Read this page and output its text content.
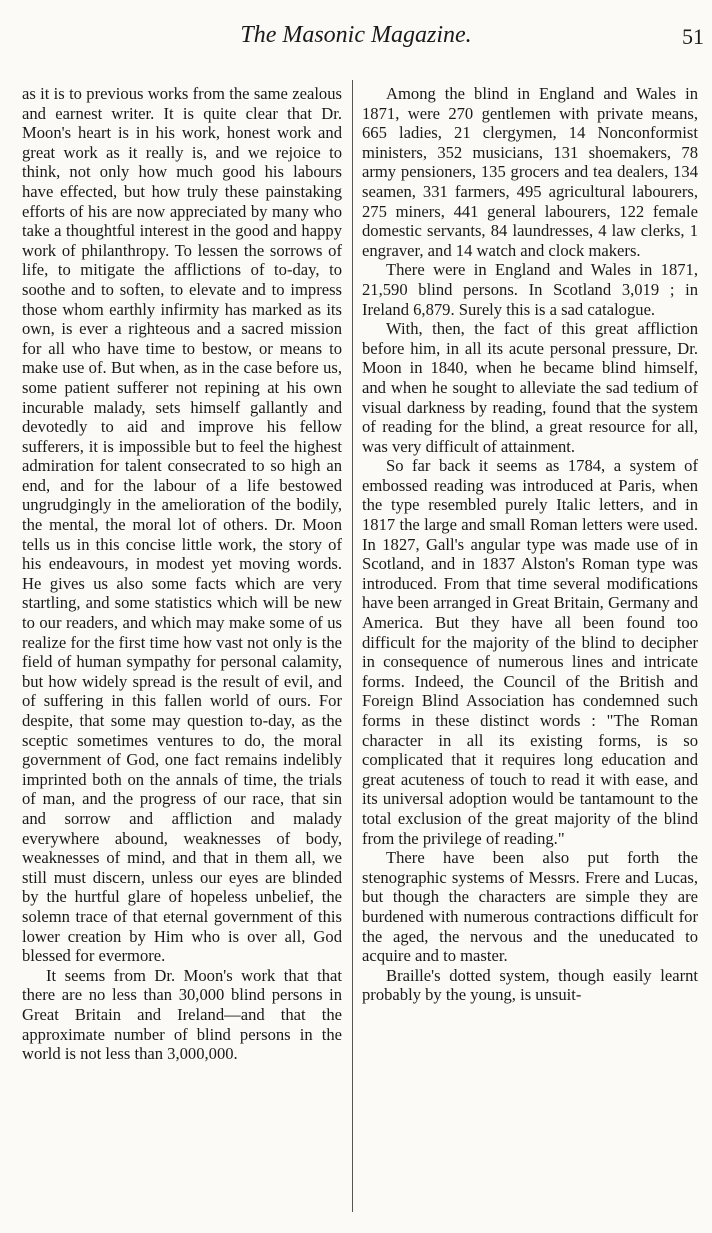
The Masonic Magazine.	51

as it is to previous works from the same zealous and earnest writer. It is quite clear that Dr. Moon's heart is in his work, honest work and great work as it really is, and we rejoice to think, not only how much good his labours have effected, but how truly these painstaking efforts of his are now appreciated by many who take a thoughtful interest in the good and happy work of philanthropy. To lessen the sorrows of life, to mitigate the afflictions of to-day, to soothe and to soften, to elevate and to impress those whom earthly infirmity has marked as its own, is ever a righteous and a sacred mission for all who have time to bestow, or means to make use of. But when, as in the case before us, some patient sufferer not repining at his own incurable malady, sets himself gallantly and devotedly to aid and improve his fellow sufferers, it is impossible but to feel the highest admiration for talent consecrated to so high an end, and for the labour of a life bestowed ungrudgingly in the amelioration of the bodily, the mental, the moral lot of others. Dr. Moon tells us in this concise little work, the story of his endeavours, in modest yet moving words. He gives us also some facts which are very startling, and some statistics which will be new to our readers, and which may make some of us realize for the first time how vast not only is the field of human sympathy for personal calamity, but how widely spread is the result of evil, and of suffering in this fallen world of ours. For despite, that some may question to-day, as the sceptic sometimes ventures to do, the moral government of God, one fact remains indelibly imprinted both on the annals of time, the trials of man, and the progress of our race, that sin and sorrow and affliction and malady everywhere abound, weaknesses of body, weaknesses of mind, and that in them all, we still must discern, unless our eyes are blinded by the hurtful glare of hopeless unbelief, the solemn trace of that eternal government of this lower creation by Him who is over all, God blessed for evermore.

It seems from Dr. Moon's work that that there are no less than 30,000 blind persons in Great Britain and Ireland—and that the approximate number of blind persons in the world is not less than 3,000,000.

Among the blind in England and Wales in 1871, were 270 gentlemen with private means, 665 ladies, 21 clergymen, 14 Nonconformist ministers, 352 musicians, 131 shoemakers, 78 army pensioners, 135 grocers and tea dealers, 134 seamen, 331 farmers, 495 agricultural labourers, 275 miners, 441 general labourers, 122 female domestic servants, 84 laundresses, 4 law clerks, 1 engraver, and 14 watch and clock makers.

There were in England and Wales in 1871, 21,590 blind persons. In Scotland 3,019 ; in Ireland 6,879. Surely this is a sad catalogue.

With, then, the fact of this great affliction before him, in all its acute personal pressure, Dr. Moon in 1840, when he became blind himself, and when he sought to alleviate the sad tedium of visual darkness by reading, found that the system of reading for the blind, a great resource for all, was very difficult of attainment.

So far back it seems as 1784, a system of embossed reading was introduced at Paris, when the type resembled purely Italic letters, and in 1817 the large and small Roman letters were used. In 1827, Gall's angular type was made use of in Scotland, and in 1837 Alston's Roman type was introduced. From that time several modifications have been arranged in Great Britain, Germany and America. But they have all been found too difficult for the majority of the blind to decipher in consequence of numerous lines and intricate forms. Indeed, the Council of the British and Foreign Blind Association has condemned such forms in these distinct words : "The Roman character in all its existing forms, is so complicated that it requires long education and great acuteness of touch to read it with ease, and its universal adoption would be tantamount to the total exclusion of the great majority of the blind from the privilege of reading."

There have been also put forth the stenographic systems of Messrs. Frere and Lucas, but though the characters are simple they are burdened with numerous contractions difficult for the aged, the nervous and the uneducated to acquire and to master.

Braille's dotted system, though easily learnt probably by the young, is unsuit-
